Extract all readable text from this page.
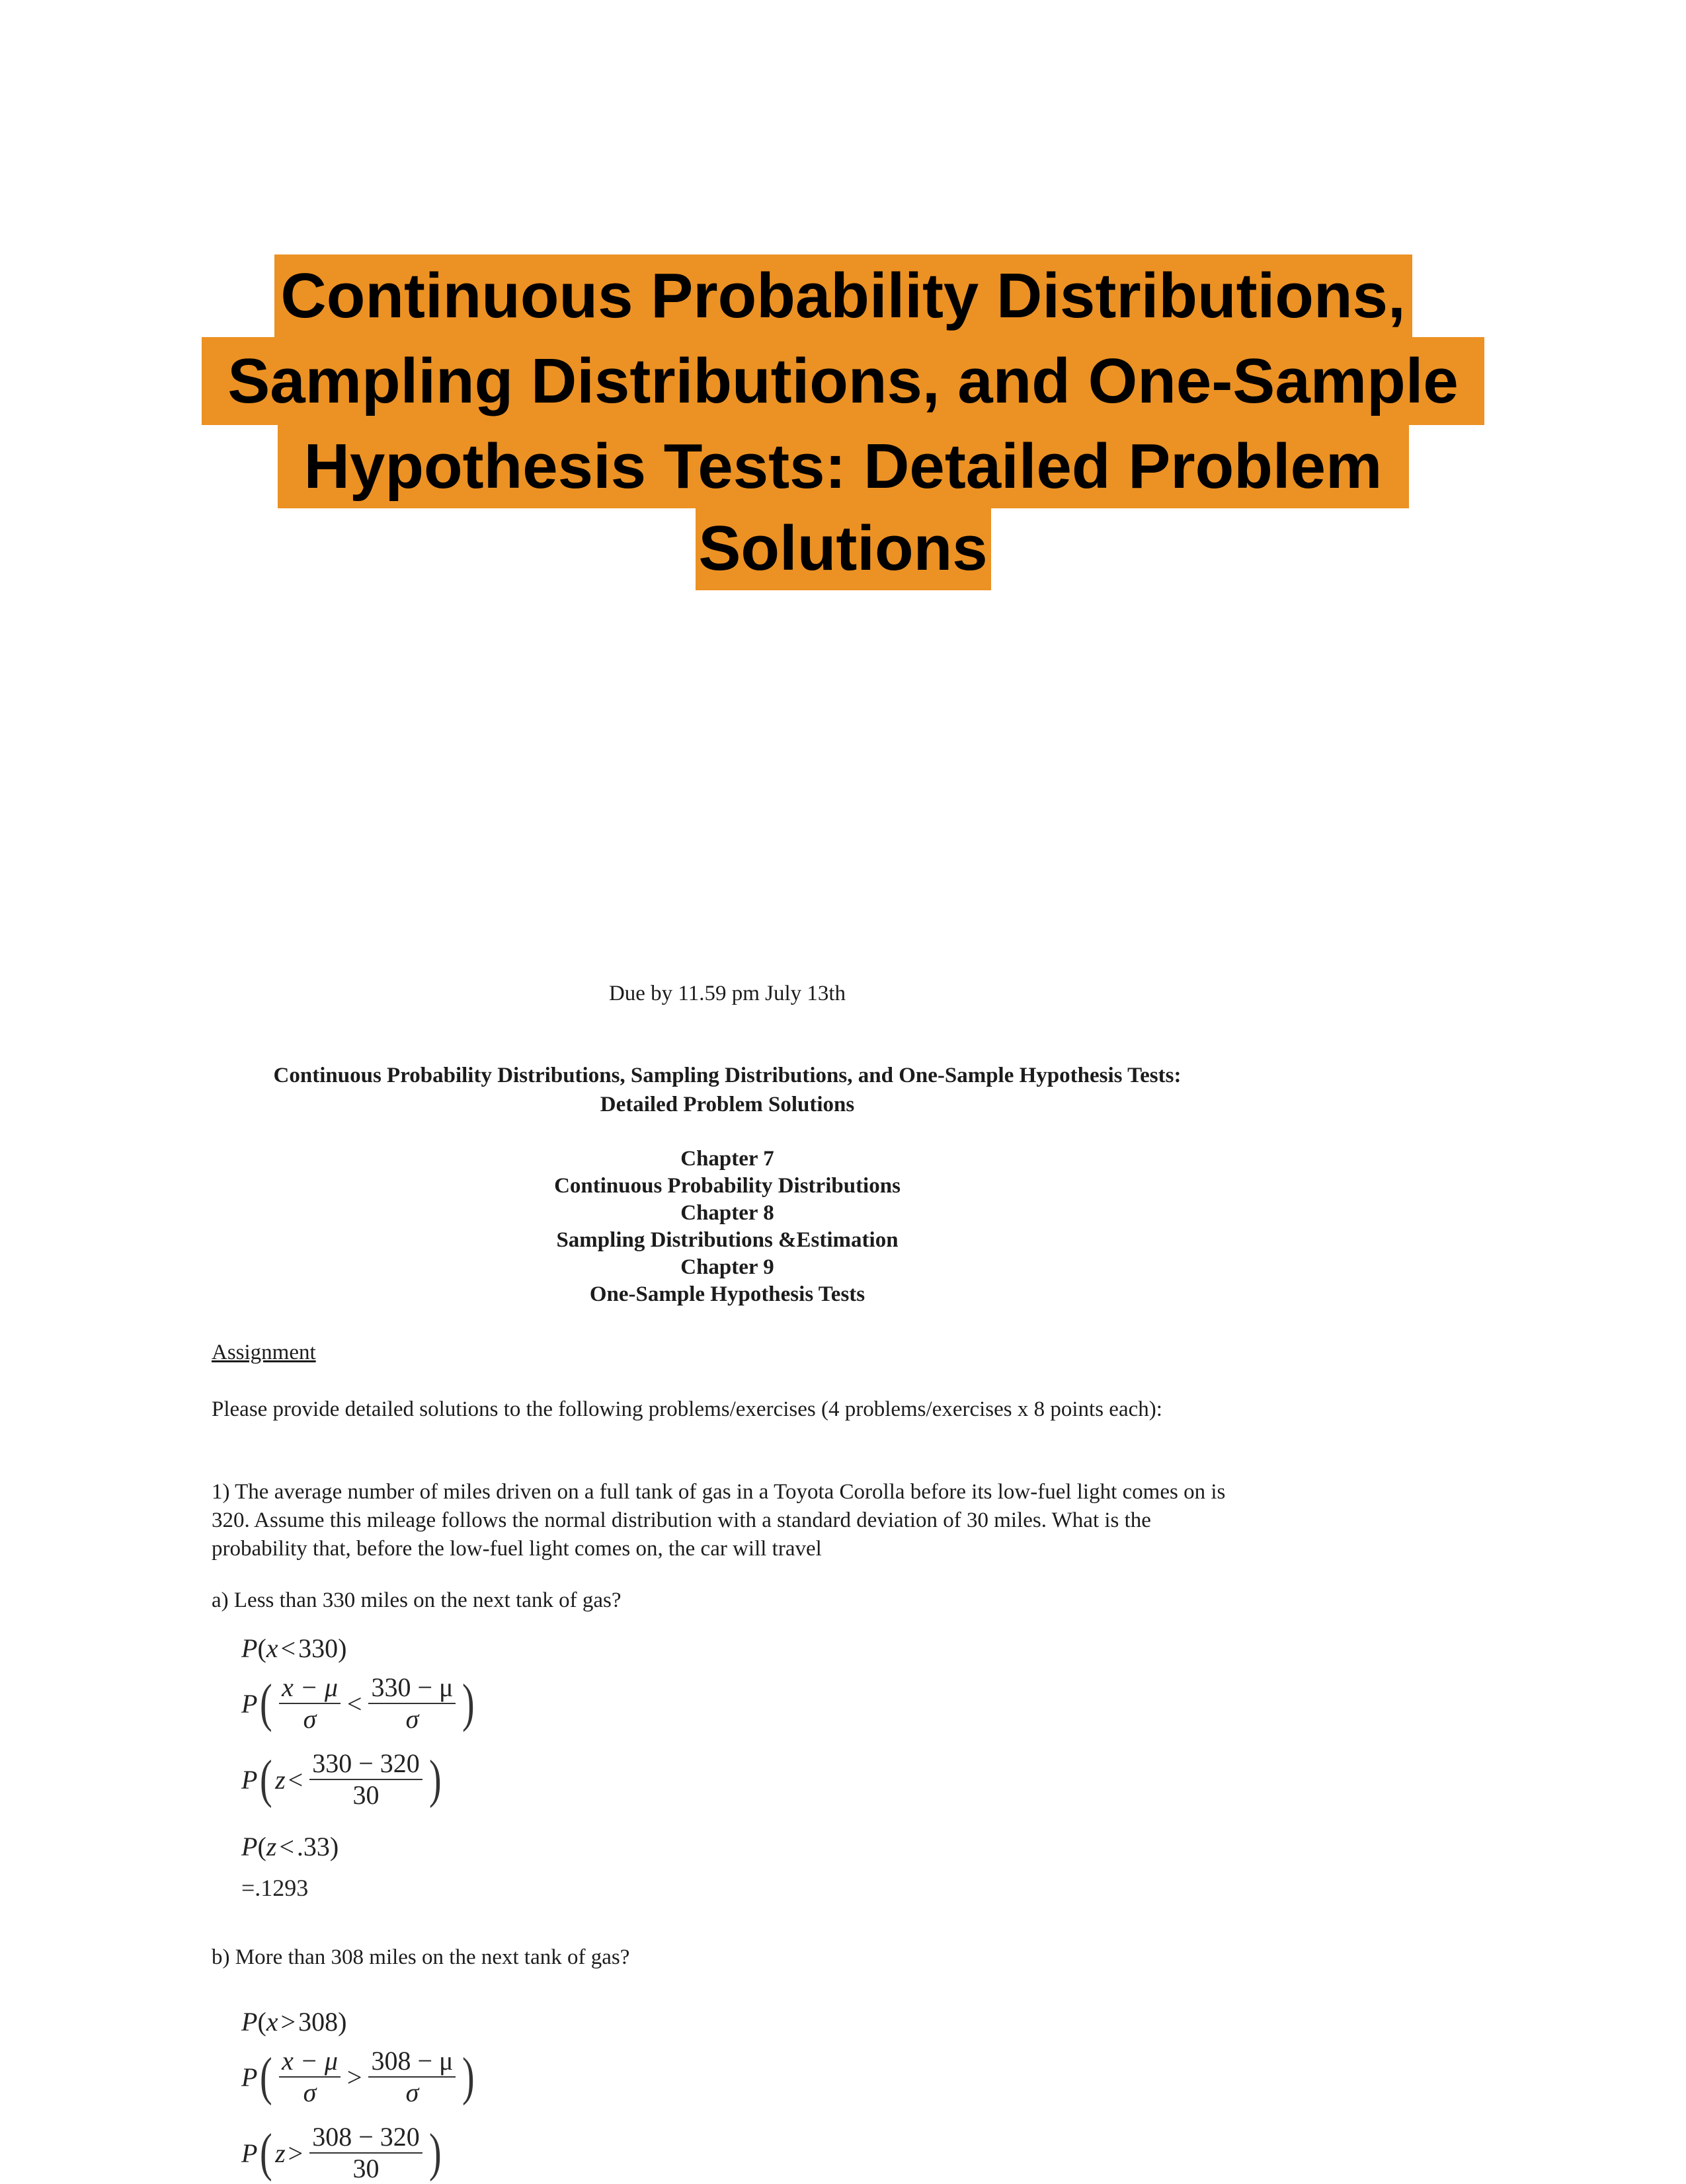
Continuous Probability Distributions,
Sampling Distributions, and One-Sample
Hypothesis Tests: Detailed Problem
Solutions
Due by 11.59 pm July 13th
Continuous Probability Distributions, Sampling Distributions, and One-Sample Hypothesis Tests:
Detailed Problem Solutions
Chapter 7
Continuous Probability Distributions
Chapter 8
Sampling Distributions &Estimation
Chapter 9
One-Sample Hypothesis Tests
Assignment
Please provide detailed solutions to the following problems/exercises (4 problems/exercises x 8 points each):
1) The average number of miles driven on a full tank of gas in a Toyota Corolla before its low-fuel light comes on is 320. Assume this mileage follows the normal distribution with a standard deviation of 30 miles. What is the probability that, before the low-fuel light comes on, the car will travel
a) Less than 330 miles on the next tank of gas?
P ( x < 330 )
P ( $\frac{x - \mu}{\sigma} < \frac{330 - \mu}{\sigma}$ )
P ( $z < \frac{330 - 320}{30}$ )
P ( z < .33 )
=.1293
b) More than 308 miles on the next tank of gas?
P ( x > 308 )
P ( $\frac{x - \mu}{\sigma} > \frac{308 - \mu}{\sigma}$ )
P ( $z > \frac{308 - 320}{30}$ )
